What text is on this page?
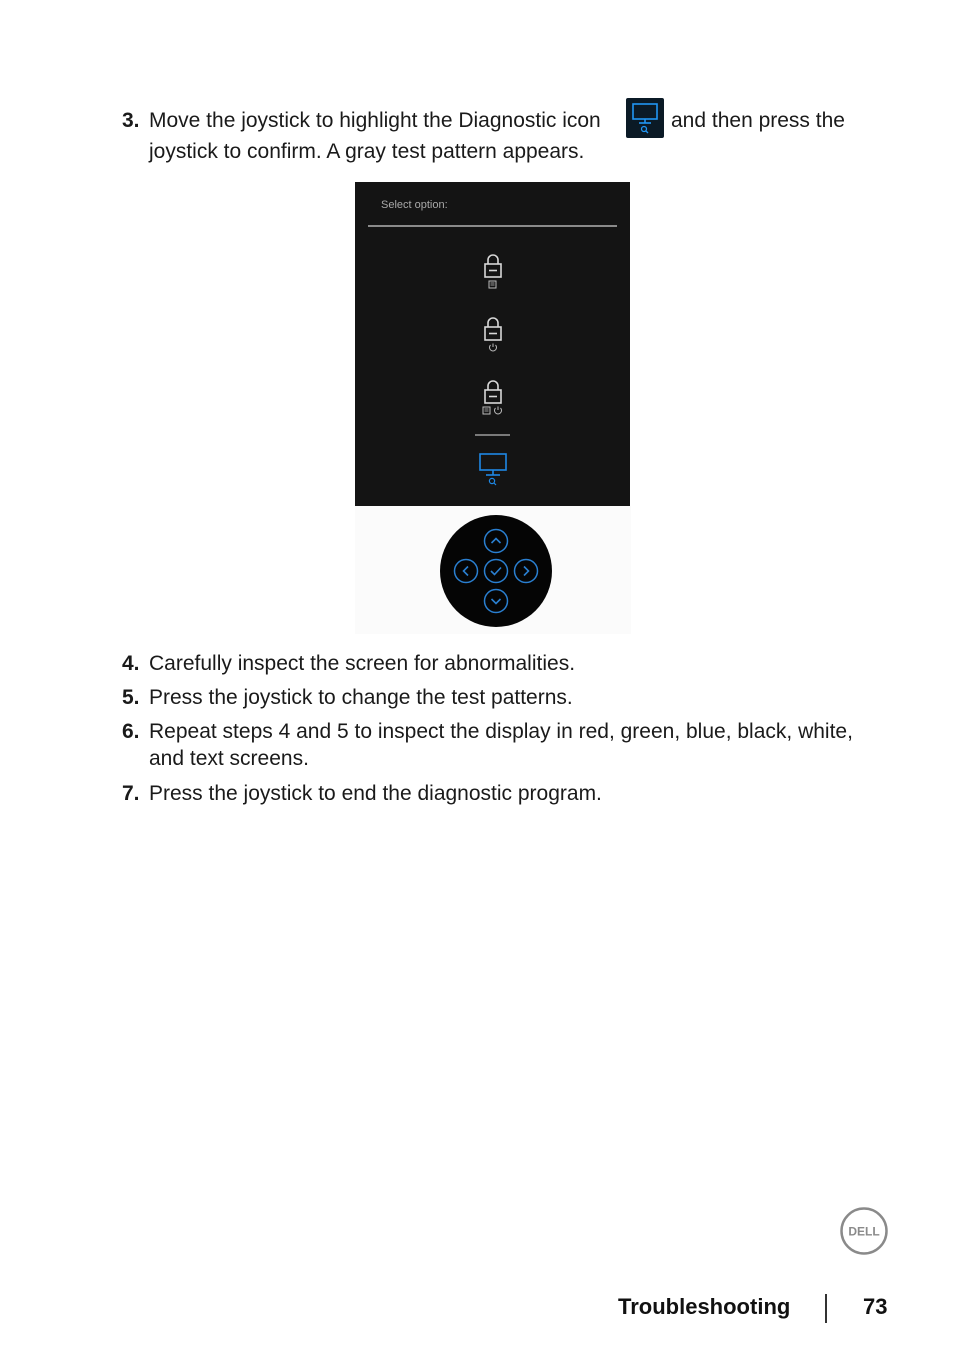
3. Move the joystick to highlight the Diagnostic icon	and then press the
joystick to confirm. A gray test pattern appears.
Select option:
4. Carefully inspect the screen for abnormalities.
5. Press the joystick to change the test patterns.
6. Repeat steps 4 and 5 to inspect the display in red, green, blue, black, white,
and text screens.
7. Press the joystick to end the diagnostic program.
DELL
Troubleshooting	73
